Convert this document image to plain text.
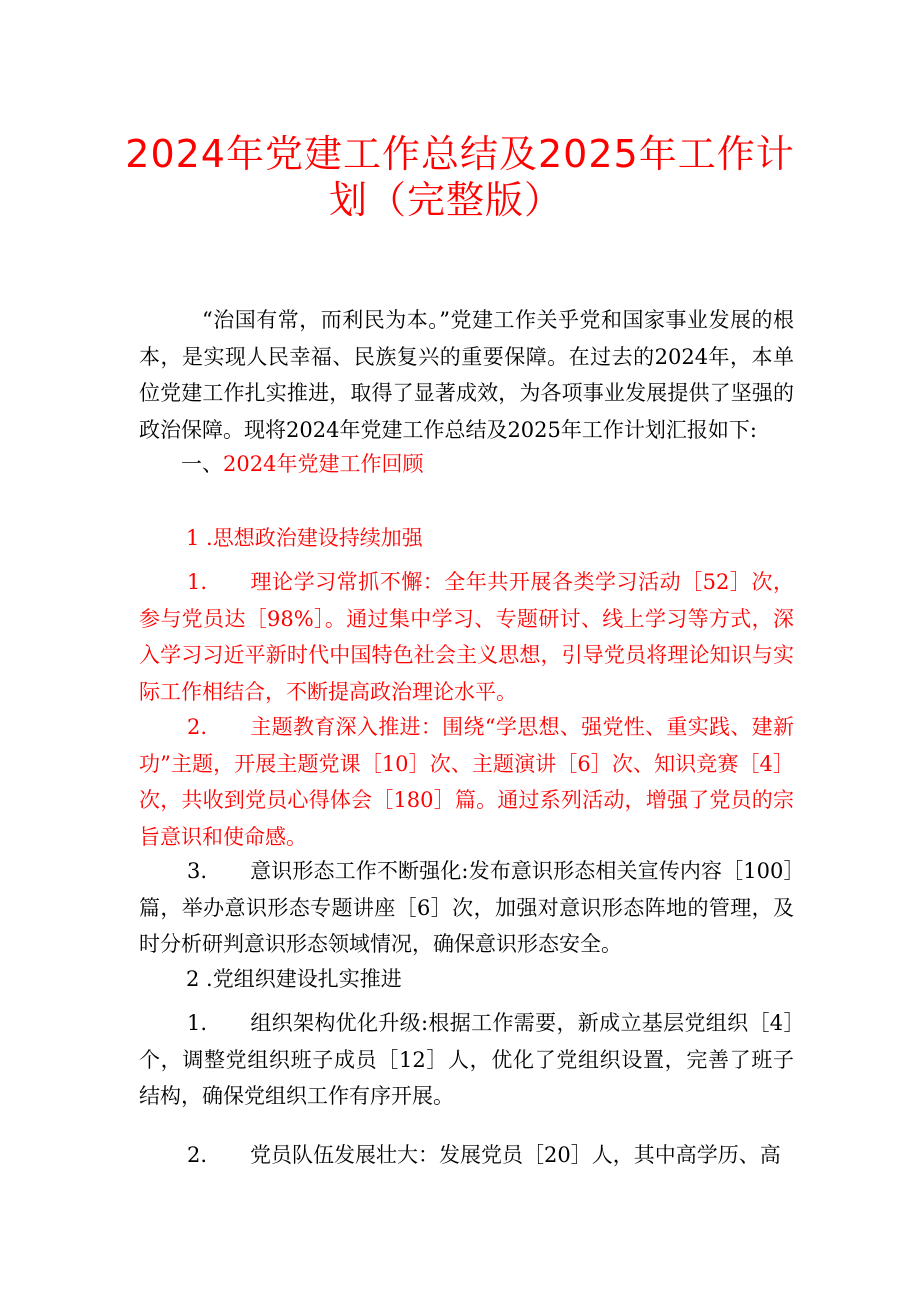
2024年党建工作总结及2025年工作计
划（完整版）
“治国有常，而利民为本。”党建工作关乎党和国家事业发展的根本，是实现人民幸福、民族复兴的重要保障。在过去的2024年，本单位党建工作扎实推进，取得了显著成效，为各项事业发展提供了坚强的政治保障。现将2024年党建工作总结及2025年工作计划汇报如下:
一、2024年党建工作回顾
1 .思想政治建设持续加强
1. 理论学习常抓不懈：全年共开展各类学习活动［52］次，参与党员达［98%］。通过集中学习、专题研讨、线上学习等方式，深入学习习近平新时代中国特色社会主义思想，引导党员将理论知识与实际工作相结合，不断提高政治理论水平。
2. 主题教育深入推进：围绕“学思想、强党性、重实践、建新功”主题，开展主题党课［10］次、主题演讲［6］次、知识竞赛［4］次，共收到党员心得体会［180］篇。通过系列活动，增强了党员的宗旨意识和使命感。
3. 意识形态工作不断强化:发布意识形态相关宣传内容［100］篇，举办意识形态专题讲座［6］次，加强对意识形态阵地的管理，及时分析研判意识形态领域情况，确保意识形态安全。
2 .党组织建设扎实推进
1. 组织架构优化升级:根据工作需要，新成立基层党组织［4］个，调整党组织班子成员［12］人，优化了党组织设置，完善了班子结构，确保党组织工作有序开展。
2. 党员队伍发展壮大：发展党员［20］人，其中高学历、高
